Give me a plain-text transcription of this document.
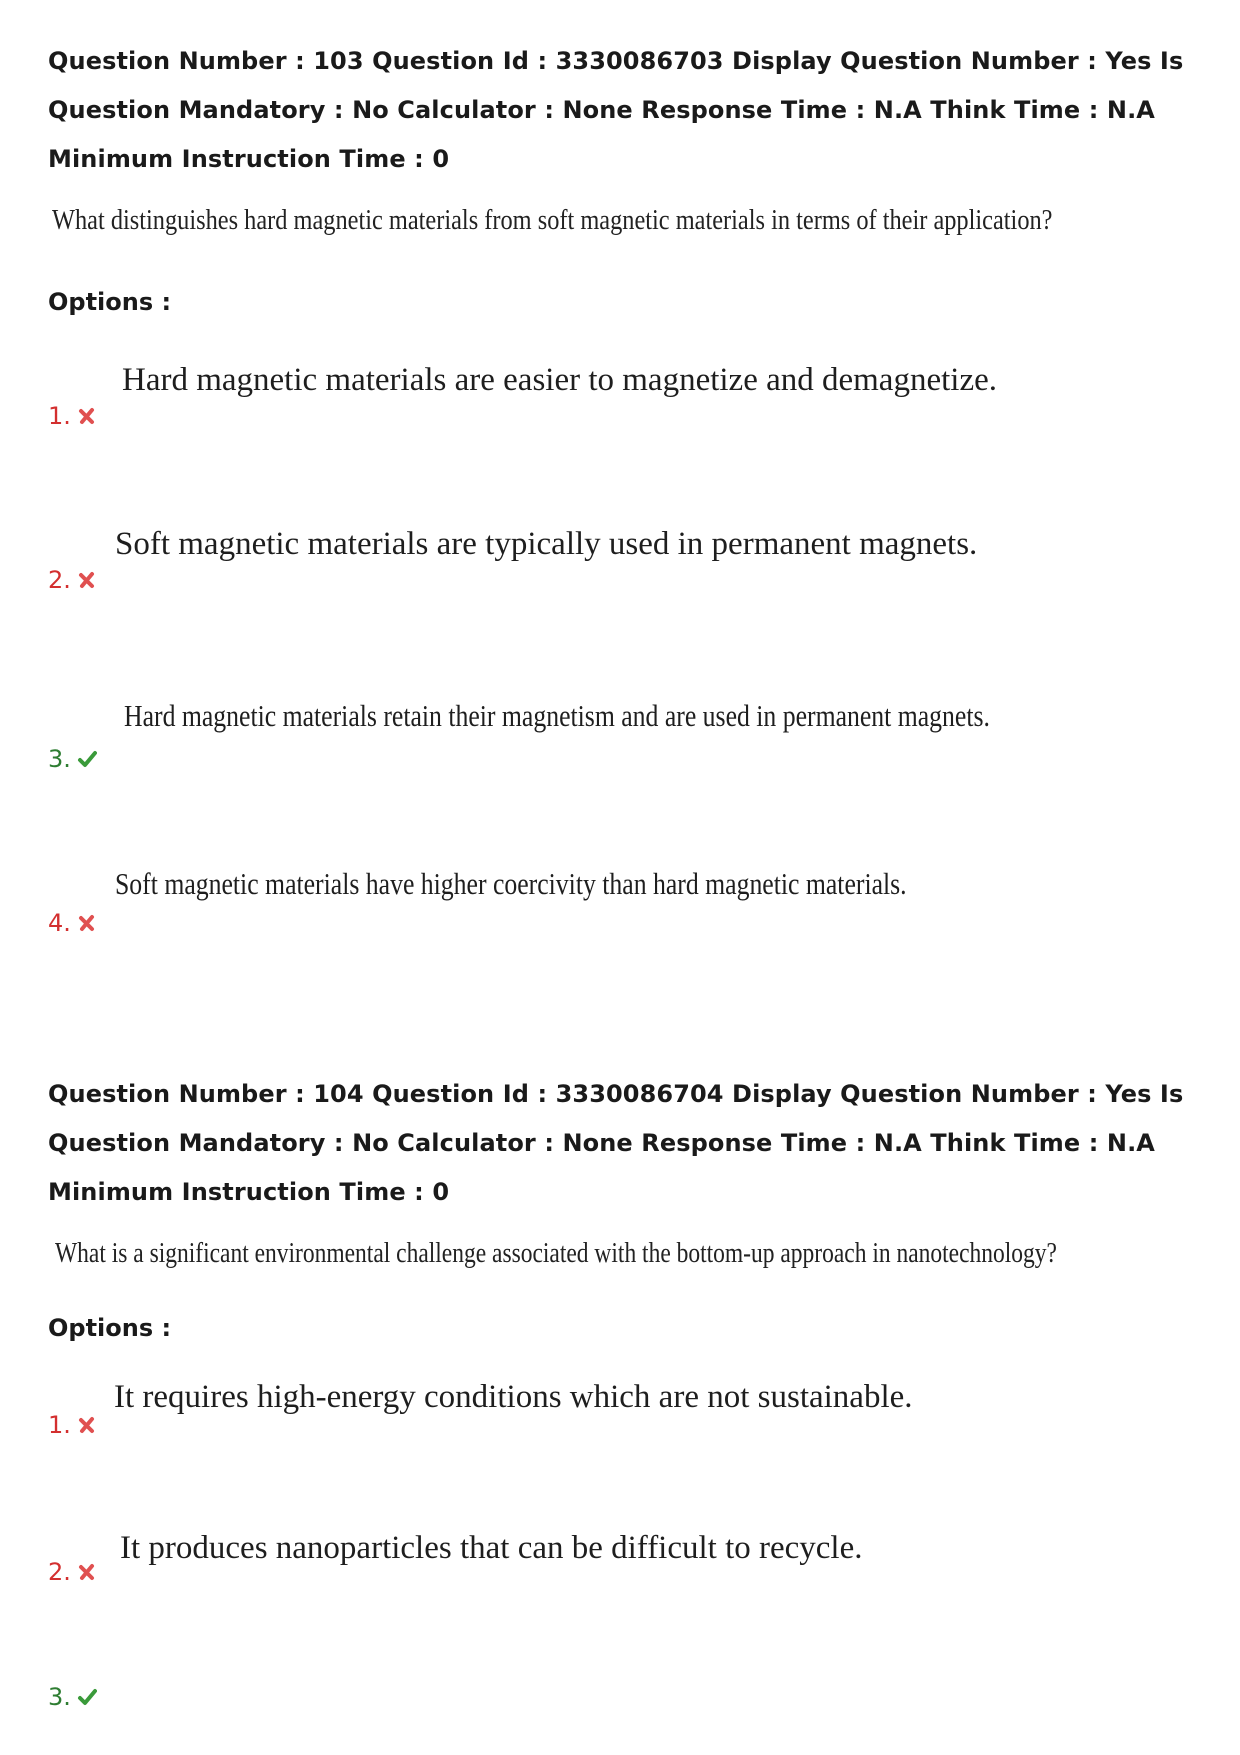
Question Number : 103 Question Id : 3330086703 Display Question Number : Yes Is Question Mandatory : No Calculator : None Response Time : N.A Think Time : N.A Minimum Instruction Time : 0
What distinguishes hard magnetic materials from soft magnetic materials in terms of their application?
Options :
Hard magnetic materials are easier to magnetize and demagnetize.
1.
Soft magnetic materials are typically used in permanent magnets.
2.
Hard magnetic materials retain their magnetism and are used in permanent magnets.
3.
Soft magnetic materials have higher coercivity than hard magnetic materials.
4.
Question Number : 104 Question Id : 3330086704 Display Question Number : Yes Is Question Mandatory : No Calculator : None Response Time : N.A Think Time : N.A Minimum Instruction Time : 0
What is a significant environmental challenge associated with the bottom-up approach in nanotechnology?
Options :
It requires high-energy conditions which are not sustainable.
1.
It produces nanoparticles that can be difficult to recycle.
2.
3.
